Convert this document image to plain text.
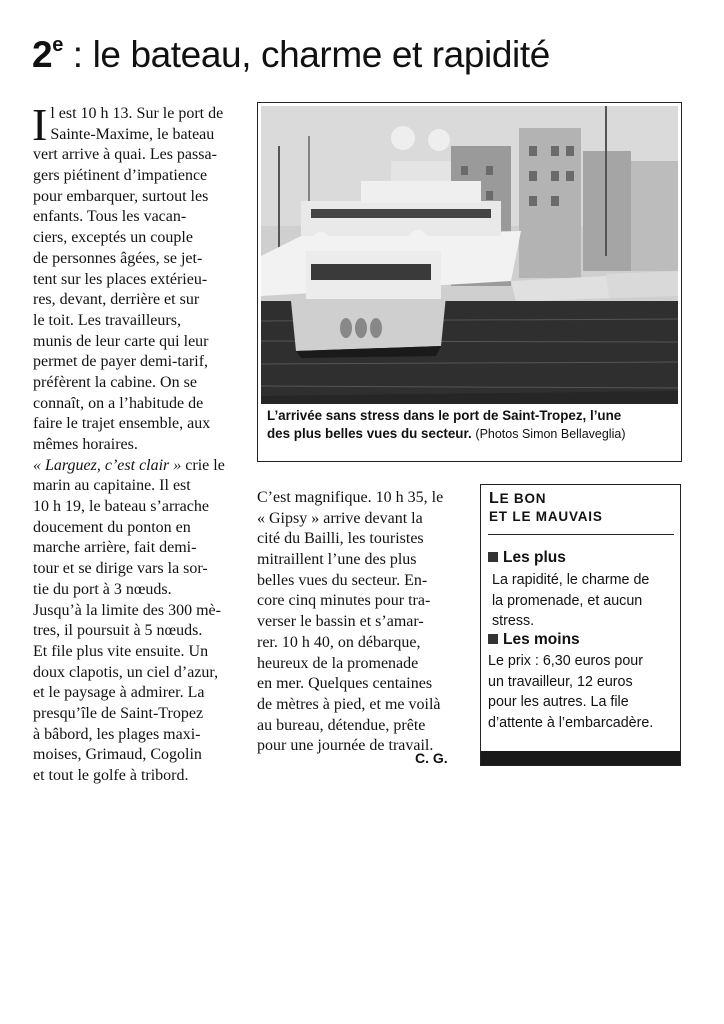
2e : le bateau, charme et rapidité
I l est 10 h 13. Sur le port de
Sainte-Maxime, le bateau
vert arrive à quai. Les passa-
gers piétinent d’impatience
pour embarquer, surtout les
enfants. Tous les vacan-
ciers, exceptés un couple
de personnes âgées, se jet-
tent sur les places extérieu-
res, devant, derrière et sur
le toit. Les travailleurs,
munis de leur carte qui leur
permet de payer demi-tarif,
préfèrent la cabine. On se
connaît, on a l’habitude de
faire le trajet ensemble, aux
mêmes horaires.
« Larguez, c’est clair » crie le
marin au capitaine. Il est
10 h 19, le bateau s’arrache
doucement du ponton en
marche arrière, fait demi-
tour et se dirige vars la sor-
tie du port à 3 nœuds.
Jusqu’à la limite des 300 mè-
tres, il poursuit à 5 nœuds.
Et file plus vite ensuite. Un
doux clapotis, un ciel d’azur,
et le paysage à admirer. La
presqu’île de Saint-Tropez
à bâbord, les plages maxi-
moises, Grimaud, Cogolin
et tout le golfe à tribord.
L’arrivée sans stress dans le port de Saint-Tropez, l’une
des plus belles vues du secteur. (Photos Simon Bellaveglia)
C’est magnifique. 10 h 35, le
« Gipsy » arrive devant la
cité du Bailli, les touristes
mitraillent l’une des plus
belles vues du secteur. En-
core cinq minutes pour tra-
verser le bassin et s’amar-
rer. 10 h 40, on débarque,
heureux de la promenade
en mer. Quelques centaines
de mètres à pied, et me voilà
au bureau, détendue, prête
pour une journée de travail.
C. G.
LE BON
ET LE MAUVAIS
Les plus
La rapidité, le charme de
la promenade, et aucun
stress.
Les moins
Le prix : 6,30 euros pour
un travailleur, 12 euros
pour les autres. La file
d’attente à l’embarcadère.
